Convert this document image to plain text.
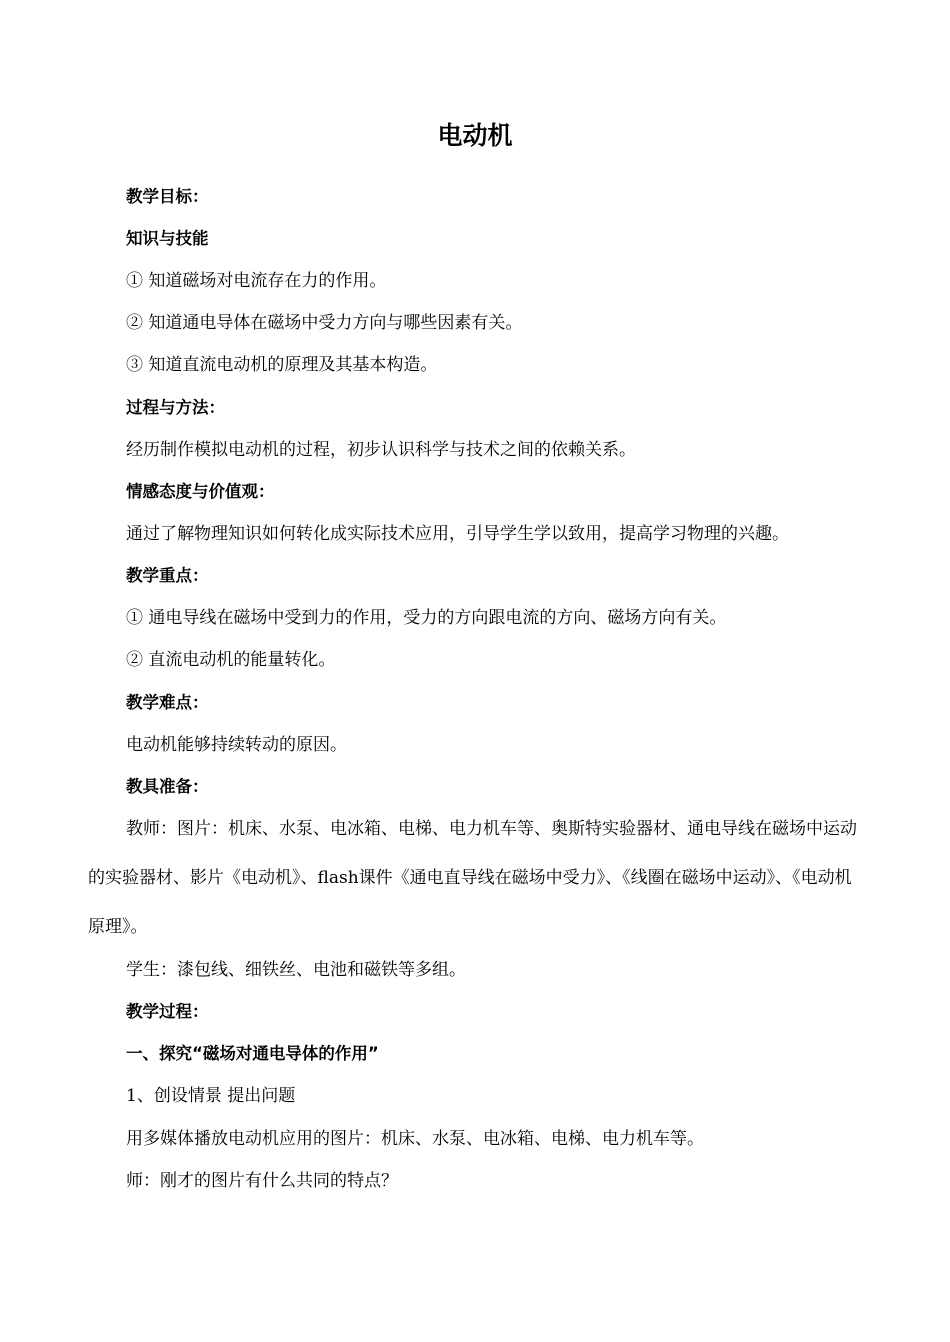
电动机
教学目标：
知识与技能
① 知道磁场对电流存在力的作用。
② 知道通电导体在磁场中受力方向与哪些因素有关。
③ 知道直流电动机的原理及其基本构造。
过程与方法：
经历制作模拟电动机的过程，初步认识科学与技术之间的依赖关系。
情感态度与价值观：
通过了解物理知识如何转化成实际技术应用，引导学生学以致用，提高学习物理的兴趣。
教学重点：
① 通电导线在磁场中受到力的作用，受力的方向跟电流的方向、磁场方向有关。
② 直流电动机的能量转化。
教学难点：
电动机能够持续转动的原因。
教具准备：
教师：图片：机床、水泵、电冰箱、电梯、电力机车等、奥斯特实验器材、通电导线在磁场中运动的实验器材、影片《电动机》、flash课件《通电直导线在磁场中受力》、《线圈在磁场中运动》、《电动机原理》。
学生：漆包线、细铁丝、电池和磁铁等多组。
教学过程：
一、探究“磁场对通电导体的作用”
1、创设情景 提出问题
用多媒体播放电动机应用的图片：机床、水泵、电冰箱、电梯、电力机车等。
师：刚才的图片有什么共同的特点？
